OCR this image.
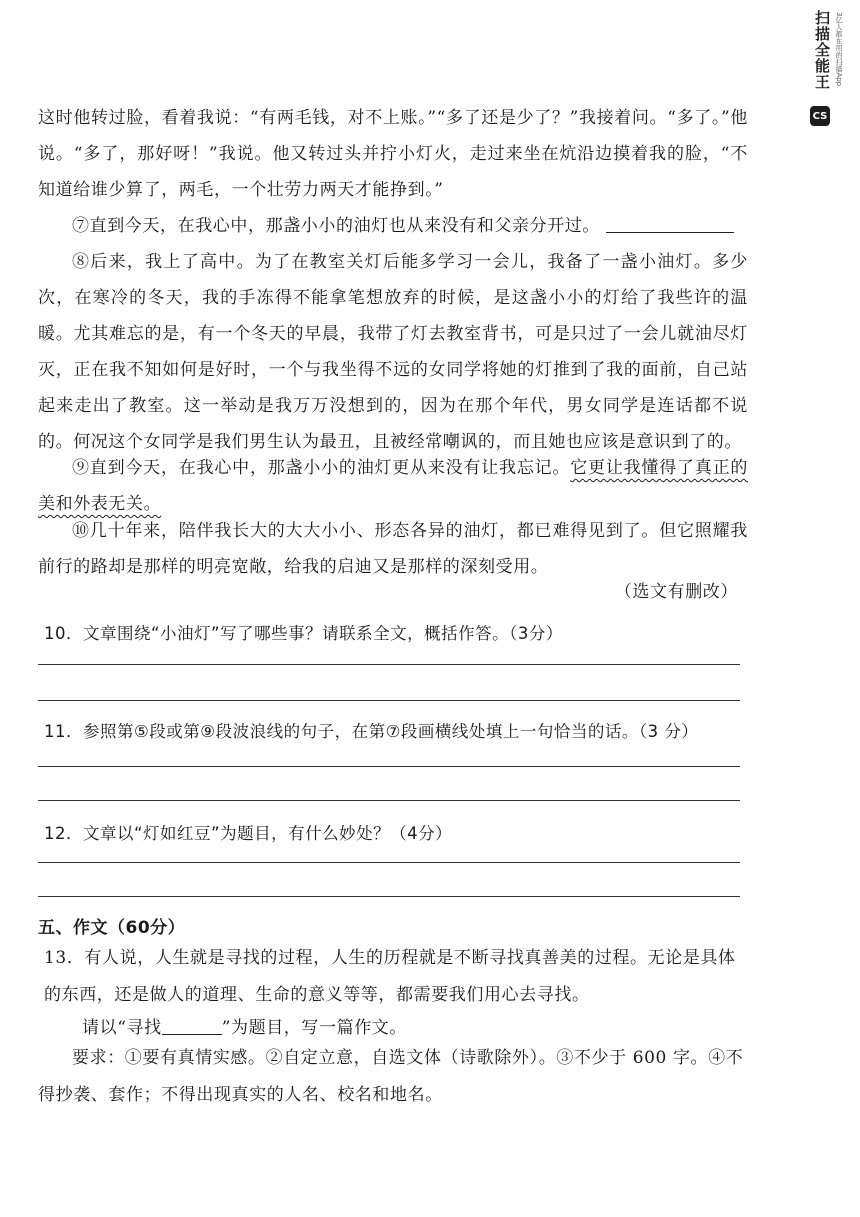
扫描全能王 3亿人都在用的扫描App
CS
这时他转过脸，看着我说：“有两毛钱，对不上账。”“多了还是少了？”我接着问。“多了。”他说。“多了，那好呀！”我说。他又转过头并拧小灯火，走过来坐在炕沿边摸着我的脸，“不知道给谁少算了，两毛，一个壮劳力两天才能挣到。”
⑦直到今天，在我心中，那盏小小的油灯也从来没有和父亲分开过。
⑧后来，我上了高中。为了在教室关灯后能多学习一会儿，我备了一盏小油灯。多少次，在寒冷的冬天，我的手冻得不能拿笔想放弃的时候，是这盏小小的灯给了我些许的温暖。尤其难忘的是，有一个冬天的早晨，我带了灯去教室背书，可是只过了一会儿就油尽灯灭，正在我不知如何是好时，一个与我坐得不远的女同学将她的灯推到了我的面前，自己站起来走出了教室。这一举动是我万万没想到的，因为在那个年代，男女同学是连话都不说的。何况这个女同学是我们男生认为最丑，且被经常嘲讽的，而且她也应该是意识到了的。
⑨直到今天，在我心中，那盏小小的油灯更从来没有让我忘记。它更让我懂得了真正的美和外表无关。
⑩几十年来，陪伴我长大的大大小小、形态各异的油灯，都已难得见到了。但它照耀我前行的路却是那样的明亮宽敞，给我的启迪又是那样的深刻受用。
（选文有删改）
10．文章围绕“小油灯”写了哪些事？请联系全文，概括作答。（3分）
11．参照第⑤段或第⑨段波浪线的句子，在第⑦段画横线处填上一句恰当的话。（3 分）
12．文章以“灯如红豆”为题目，有什么妙处？（4分）
五、作文（60分）
13．有人说，人生就是寻找的过程，人生的历程就是不断寻找真善美的过程。无论是具体的东西，还是做人的道理、生命的意义等等，都需要我们用心去寻找。
请以“寻找	”为题目，写一篇作文。
要求：①要有真情实感。②自定立意，自选文体（诗歌除外）。③不少于 600 字。④不得抄袭、套作；不得出现真实的人名、校名和地名。
